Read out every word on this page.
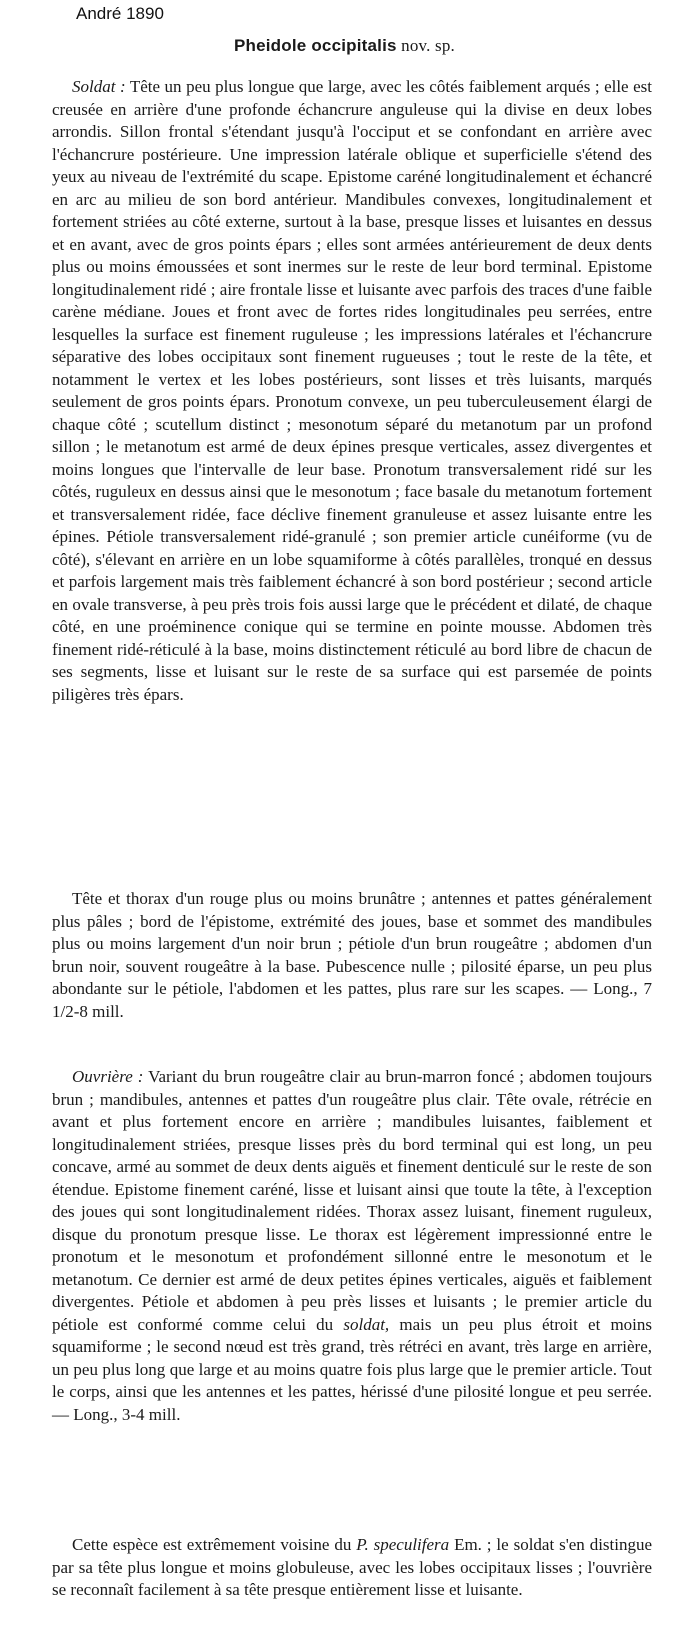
André 1890
Pheidole occipitalis nov. sp.

Soldat : Tête un peu plus longue que large, avec les côtés faiblement arqués ; elle est creusée en arrière d'une profonde échancrure anguleuse qui la divise en deux lobes arrondis. Sillon frontal s'étendant jusqu'à l'occiput et se confondant en arrière avec l'échancrure postérieure. Une impression latérale oblique et superficielle s'étend des yeux au niveau de l'extrémité du scape. Epistome caréné longitudinalement et échancré en arc au milieu de son bord antérieur. Mandibules convexes, longitudinalement et fortement striées au côté externe, surtout à la base, presque lisses et luisantes en dessus et en avant, avec de gros points épars ; elles sont armées antérieurement de deux dents plus ou moins émoussées et sont inermes sur le reste de leur bord terminal. Epistome longitudinalement ridé ; aire frontale lisse et luisante avec parfois des traces d'une faible carène médiane. Joues et front avec de fortes rides longitudinales peu serrées, entre lesquelles la surface est finement ruguleuse ; les impressions latérales et l'échancrure séparative des lobes occipitaux sont finement rugueuses ; tout le reste de la tête, et notamment le vertex et les lobes postérieurs, sont lisses et très luisants, marqués seulement de gros points épars. Pronotum convexe, un peu tuberculeusement élargi de chaque côté ; scutellum distinct ; mesonotum séparé du metanotum par un profond sillon ; le metanotum est armé de deux épines presque verticales, assez divergentes et moins longues que l'intervalle de leur base. Pronotum transversalement ridé sur les côtés, ruguleux en dessus ainsi que le mesonotum ; face basale du metanotum fortement et transversalement ridée, face déclive finement granuleuse et assez luisante entre les épines. Pétiole transversalement ridé-granulé ; son premier article cunéiforme (vu de côté), s'élevant en arrière en un lobe squamiforme à côtés parallèles, tronqué en dessus et parfois largement mais très faiblement échancré à son bord postérieur ; second article en ovale transverse, à peu près trois fois aussi large que le précédent et dilaté, de chaque côté, en une proéminence conique qui se termine en pointe mousse. Abdomen très finement ridé-réticulé à la base, moins distinctement réticulé au bord libre de chacun de ses segments, lisse et luisant sur le reste de sa surface qui est parsemée de points piligères très épars.

Tête et thorax d'un rouge plus ou moins brunâtre ; antennes et pattes généralement plus pâles ; bord de l'épistome, extrémité des joues, base et sommet des mandibules plus ou moins largement d'un noir brun ; pétiole d'un brun rougeâtre ; abdomen d'un brun noir, souvent rougeâtre à la base. Pubescence nulle ; pilosité éparse, un peu plus abondante sur le pétiole, l'abdomen et les pattes, plus rare sur les scapes. — Long., 7 1/2-8 mill.

Ouvrière : Variant du brun rougeâtre clair au brun-marron foncé ; abdomen toujours brun ; mandibules, antennes et pattes d'un rougeâtre plus clair. Tête ovale, rétrécie en avant et plus fortement encore en arrière ; mandibules luisantes, faiblement et longitudinalement striées, presque lisses près du bord terminal qui est long, un peu concave, armé au sommet de deux dents aiguës et finement denticulé sur le reste de son étendue. Epistome finement caréné, lisse et luisant ainsi que toute la tête, à l'exception des joues qui sont longitudinalement ridées. Thorax assez luisant, finement ruguleux, disque du pronotum presque lisse. Le thorax est légèrement impressionné entre le pronotum et le mesonotum et profondément sillonné entre le mesonotum et le metanotum. Ce dernier est armé de deux petites épines verticales, aiguës et faiblement divergentes. Pétiole et abdomen à peu près lisses et luisants ; le premier article du pétiole est conformé comme celui du soldat, mais un peu plus étroit et moins squamiforme ; le second nœud est très grand, très rétréci en avant, très large en arrière, un peu plus long que large et au moins quatre fois plus large que le premier article. Tout le corps, ainsi que les antennes et les pattes, hérissé d'une pilosité longue et peu serrée. — Long., 3-4 mill.

Cette espèce est extrêmement voisine du P. speculifera Em. ; le soldat s'en distingue par sa tête plus longue et moins globuleuse, avec les lobes occipitaux lisses ; l'ouvrière se reconnaît facilement à sa tête presque entièrement lisse et luisante.
